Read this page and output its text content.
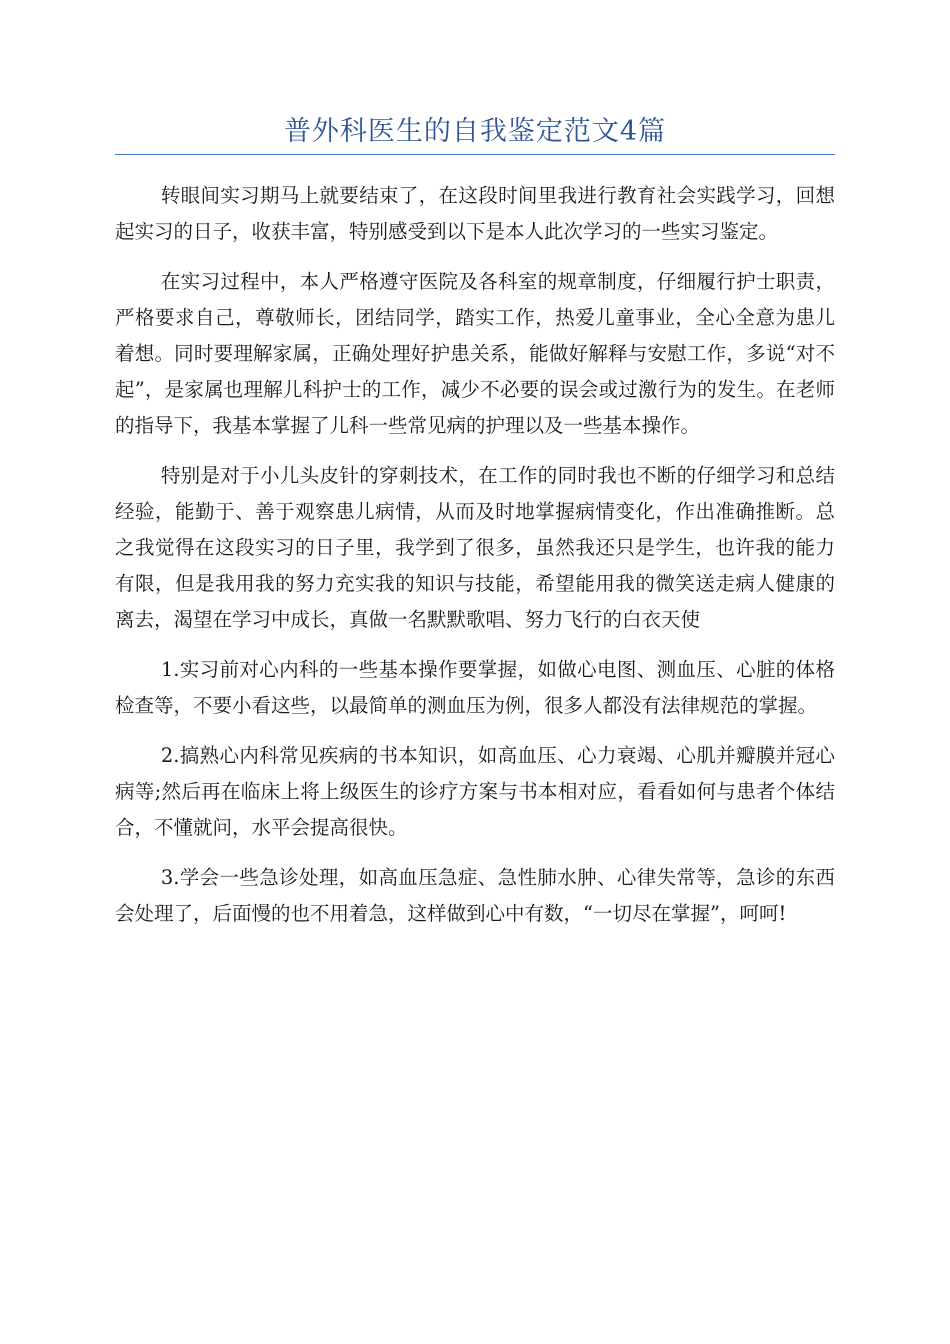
普外科医生的自我鉴定范文4篇

转眼间实习期马上就要结束了，在这段时间里我进行教育社会实践学习，回想起实习的日子，收获丰富，特别感受到以下是本人此次学习的一些实习鉴定。

在实习过程中，本人严格遵守医院及各科室的规章制度，仔细履行护士职责，严格要求自己，尊敬师长，团结同学，踏实工作，热爱儿童事业，全心全意为患儿着想。同时要理解家属，正确处理好护患关系，能做好解释与安慰工作，多说“对不起”，是家属也理解儿科护士的工作，减少不必要的误会或过激行为的发生。在老师的指导下，我基本掌握了儿科一些常见病的护理以及一些基本操作。

特别是对于小儿头皮针的穿刺技术，在工作的同时我也不断的仔细学习和总结经验，能勤于、善于观察患儿病情，从而及时地掌握病情变化，作出准确推断。总之我觉得在这段实习的日子里，我学到了很多，虽然我还只是学生，也许我的能力有限，但是我用我的努力充实我的知识与技能，希望能用我的微笑送走病人健康的离去，渴望在学习中成长，真做一名默默歌唱、努力飞行的白衣天使

1.实习前对心内科的一些基本操作要掌握，如做心电图、测血压、心脏的体格检查等，不要小看这些，以最简单的测血压为例，很多人都没有法律规范的掌握。

2.搞熟心内科常见疾病的书本知识，如高血压、心力衰竭、心肌并瓣膜并冠心病等;然后再在临床上将上级医生的诊疗方案与书本相对应，看看如何与患者个体结合，不懂就问，水平会提高很快。

3.学会一些急诊处理，如高血压急症、急性肺水肿、心律失常等，急诊的东西会处理了，后面慢的也不用着急，这样做到心中有数，“一切尽在掌握”，呵呵!
